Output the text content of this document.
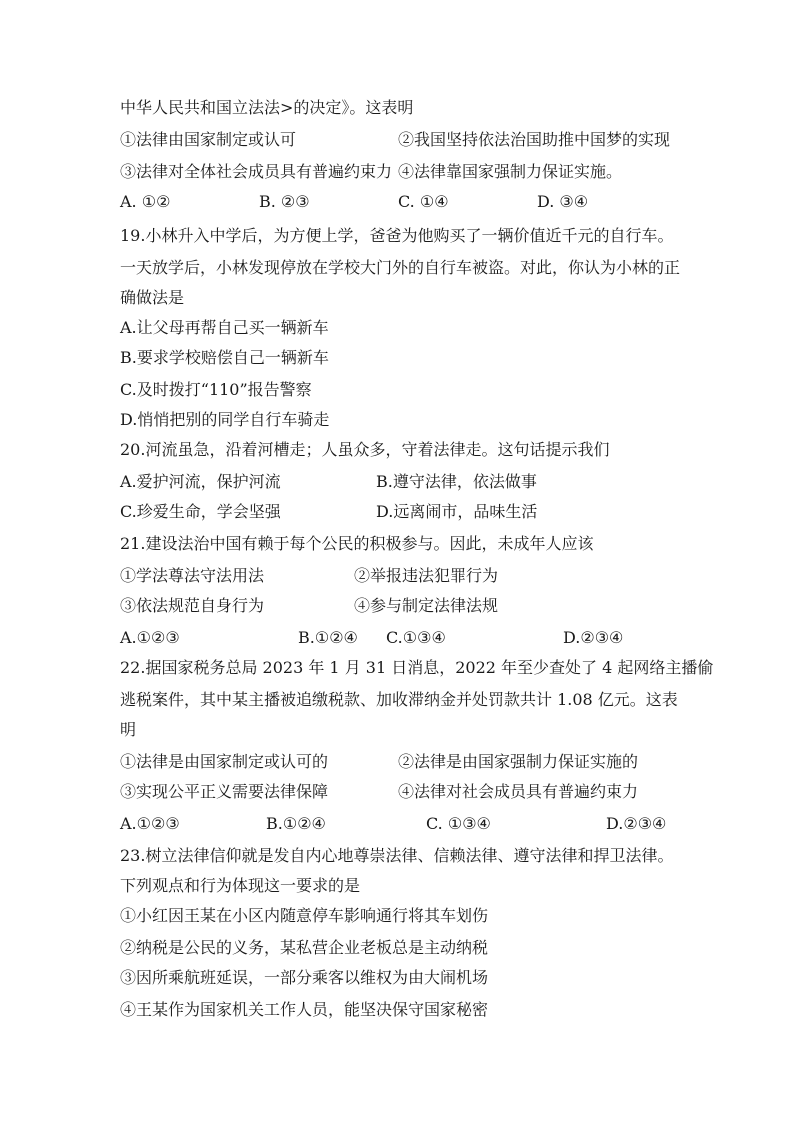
中华人民共和国立法法>的决定》。这表明
19.小林升入中学后，为方便上学，爸爸为他购买了一辆价值近千元的自行车。
一天放学后，小林发现停放在学校大门外的自行车被盗。对此，你认为小林的正
确做法是
A.让父母再帮自己买一辆新车
B.要求学校赔偿自己一辆新车
C.及时拨打“110”报告警察
D.悄悄把别的同学自行车骑走
20.河流虽急，沿着河槽走；人虽众多，守着法律走。这句话提示我们
21.建设法治中国有赖于每个公民的积极参与。因此，未成年人应该
22.据国家税务总局 2023 年 1 月 31 日消息，2022 年至少查处了 4 起网络主播偷
逃税案件，其中某主播被追缴税款、加收滞纳金并处罚款共计 1.08 亿元。这表
明
23.树立法律信仰就是发自内心地尊崇法律、信赖法律、遵守法律和捍卫法律。
下列观点和行为体现这一要求的是
①小红因王某在小区内随意停车影响通行将其车划伤
②纳税是公民的义务，某私营企业老板总是主动纳税
③因所乘航班延误，一部分乘客以维权为由大闹机场
④王某作为国家机关工作人员，能坚决保守国家秘密
①法律由国家制定或认可	②我国坚持依法治国助推中国梦的实现
③法律对全体社会成员具有普遍约束力 ④法律靠国家强制力保证实施。
A. ①②	B. ②③	C. ①④	D. ③④
A.爱护河流，保护河流	B.遵守法律，依法做事
C.珍爱生命，学会坚强	D.远离闹市，品味生活
①学法尊法守法用法	②举报违法犯罪行为
③依法规范自身行为	④参与制定法律法规
A.①②③	B.①②④ C.①③④	D.②③④
①法律是由国家制定或认可的	②法律是由国家强制力保证实施的
③实现公平正义需要法律保障	④法律对社会成员具有普遍约束力
A.①②③	B.①②④	C. ①③④	D.②③④
